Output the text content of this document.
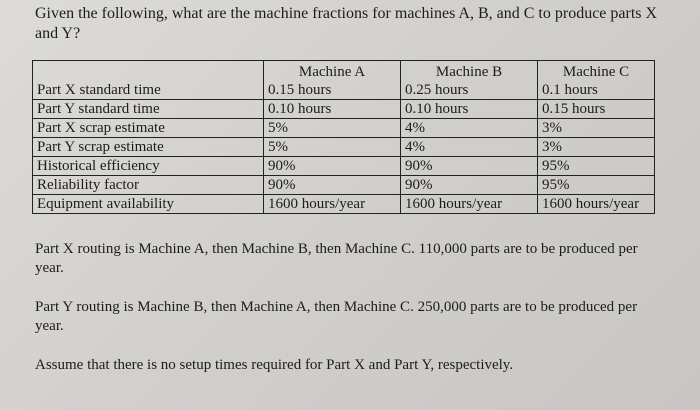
Given the following, what are the machine fractions for machines A, B, and C to produce parts X and Y?

	Machine A	Machine B	Machine C
Part X standard time	0.15 hours	0.25 hours	0.1 hours
Part Y standard time	0.10 hours	0.10 hours	0.15 hours
Part X scrap estimate	5%	4%	3%
Part Y scrap estimate	5%	4%	3%
Historical efficiency	90%	90%	95%
Reliability factor	90%	90%	95%
Equipment availability	1600 hours/year	1600 hours/year	1600 hours/year

Part X routing is Machine A, then Machine B, then Machine C. 110,000 parts are to be produced per year.

Part Y routing is Machine B, then Machine A, then Machine C. 250,000 parts are to be produced per year.

Assume that there is no setup times required for Part X and Part Y, respectively.
